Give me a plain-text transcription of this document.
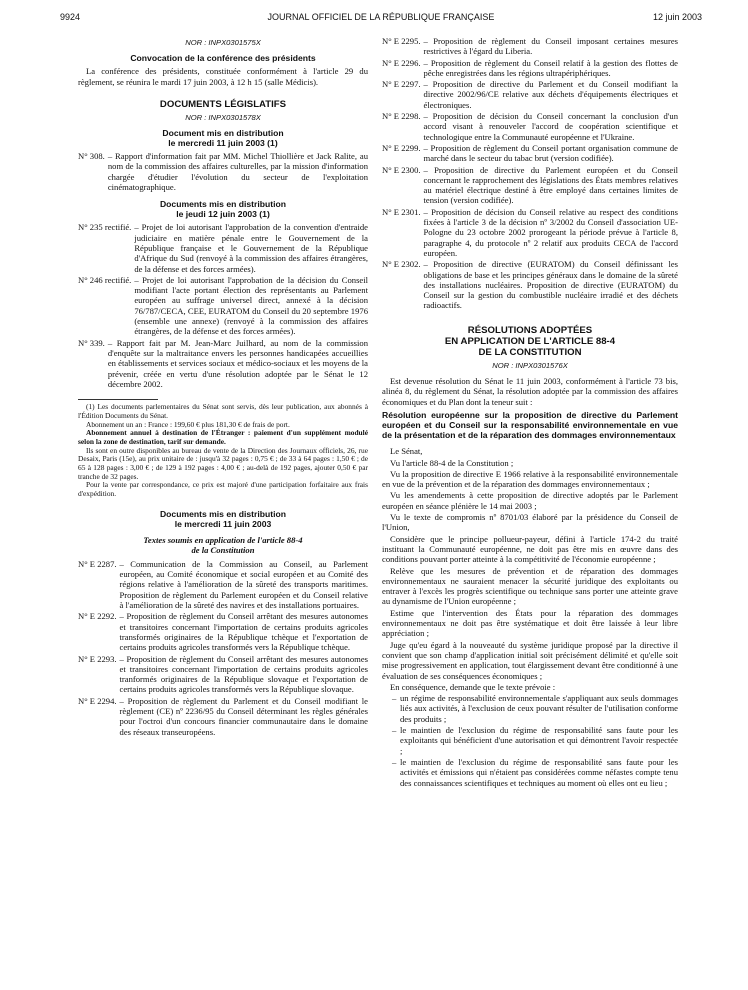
9924	JOURNAL OFFICIEL DE LA RÉPUBLIQUE FRANÇAISE	12 juin 2003
NOR : INPX0301575X
Convocation de la conférence des présidents
La conférence des présidents, constituée conformément à l'article 29 du règlement, se réunira le mardi 17 juin 2003, à 12 h 15 (salle Médicis).
DOCUMENTS LÉGISLATIFS
NOR : INPX0301578X
Document mis en distribution
le mercredi 11 juin 2003 (1)
N° 308. – Rapport d'information fait par MM. Michel Thiollière et Jack Ralite, au nom de la commission des affaires culturelles, par la mission d'information chargée d'étudier l'évolution du secteur de l'exploitation cinématographique.
Documents mis en distribution
le jeudi 12 juin 2003 (1)
N° 235 rectifié. – Projet de loi autorisant l'approbation de la convention d'entraide judiciaire en matière pénale entre le Gouvernement de la République française et le Gouvernement de la République d'Afrique du Sud (renvoyé à la commission des affaires étrangères, de la défense et des forces armées).
N° 246 rectifié. – Projet de loi autorisant l'approbation de la décision du Conseil modifiant l'acte portant élection des représentants au Parlement européen au suffrage universel direct, annexé à la décision 76/787/CECA, CEE, EURATOM du Conseil du 20 septembre 1976 (ensemble une annexe) (renvoyé à la commission des affaires étrangères, de la défense et des forces armées).
N° 339. – Rapport fait par M. Jean-Marc Juilhard, au nom de la commission d'enquête sur la maltraitance envers les personnes handicapées accueillies en établissements et services sociaux et médico-sociaux et les moyens de la prévenir, créée en vertu d'une résolution adoptée par le Sénat le 12 décembre 2002.

(1) Les documents parlementaires du Sénat sont servis, dès leur publication, aux abonnés à l'Édition Documents du Sénat.

Abonnement un an : France : 199,60 € plus 181,30 € de frais de port.

Abonnement annuel à destination de l'Étranger : paiement d'un supplément modulé selon la zone de destination, tarif sur demande.

Ils sont en outre disponibles au bureau de vente de la Direction des Journaux officiels, 26, rue Desaix, Paris (15e), au prix unitaire de : jusqu'à 32 pages : 0,75 € ; de 33 à 64 pages : 1,50 € ; de 65 à 128 pages : 3,00 € ; de 129 à 192 pages : 4,00 € ; au-delà de 192 pages, ajouter 0,50 € par tranche de 32 pages.

Pour la vente par correspondance, ce prix est majoré d'une participation forfaitaire aux frais d'expédition.

Documents mis en distribution
le mercredi 11 juin 2003
Textes soumis en application de l'article 88-4
de la Constitution
N° E 2287. – Communication de la Commission au Conseil, au Parlement européen, au Comité économique et social européen et au Comité des régions relative à l'amélioration de la sûreté des transports maritimes. Proposition de règlement du Parlement européen et du Conseil relative à l'amélioration de la sûreté des navires et des installations portuaires.
N° E 2292. – Proposition de règlement du Conseil arrêtant des mesures autonomes et transitoires concernant l'importation de certains produits agricoles transformés originaires de la République tchèque et l'exportation de certains produits agricoles transformés vers la République tchèque.
N° E 2293. – Proposition de règlement du Conseil arrêtant des mesures autonomes et transitoires concernant l'importation de certains produits agricoles tranformés originaires de la République slovaque et l'exportation de certains produits agricoles transformés vers la République slovaque.
N° E 2294. – Proposition de règlement du Parlement et du Conseil modifiant le règlement (CE) nº 2236/95 du Conseil déterminant les règles générales pour l'octroi d'un concours financier communautaire dans le domaine des réseaux transeuropéens.
N° E 2295. – Proposition de règlement du Conseil imposant certaines mesures restrictives à l'égard du Liberia.
N° E 2296. – Proposition de règlement du Conseil relatif à la gestion des flottes de pêche enregistrées dans les régions ultrapériphériques.
N° E 2297. – Proposition de directive du Parlement et du Conseil modifiant la directive 2002/96/CE relative aux déchets d'équipements électriques et électroniques.
N° E 2298. – Proposition de décision du Conseil concernant la conclusion d'un accord visant à renouveler l'accord de coopération scientifique et technologique entre la Communauté européenne et l'Ukraine.
N° E 2299. – Proposition de règlement du Conseil portant organisation commune de marché dans le secteur du tabac brut (version codifiée).
N° E 2300. – Proposition de directive du Parlement européen et du Conseil concernant le rapprochement des législations des États membres relatives au matériel électrique destiné à être employé dans certaines limites de tension (version codifiée).
N° E 2301. – Proposition de décision du Conseil relative au respect des conditions fixées à l'article 3 de la décision nº 3/2002 du Conseil d'association UE-Pologne du 23 octobre 2002 prorogeant la période prévue à l'article 8, paragraphe 4, du protocole nº 2 relatif aux produits CECA de l'accord européen.
N° E 2302. – Proposition de directive (EURATOM) du Conseil définissant les obligations de base et les principes généraux dans le domaine de la sûreté des installations nucléaires. Proposition de directive (EURATOM) du Conseil sur la gestion du combustible nucléaire irradié et des déchets radioactifs.
RÉSOLUTIONS ADOPTÉES
EN APPLICATION DE L'ARTICLE 88-4
DE LA CONSTITUTION
NOR : INPX0301576X
Est devenue résolution du Sénat le 11 juin 2003, conformément à l'article 73 bis, alinéa 8, du règlement du Sénat, la résolution adoptée par la commission des affaires économiques et du Plan dont la teneur suit :
Résolution européenne sur la proposition de directive du Parlement européen et du Conseil sur la responsabilité environnementale en vue de la présentation et de la réparation des dommages environnementaux
Le Sénat,
Vu l'article 88-4 de la Constitution ;
Vu la proposition de directive E 1966 relative à la responsabilité environnementale en vue de la prévention et de la réparation des dommages environnementaux ;
Vu les amendements à cette proposition de directive adoptés par le Parlement européen en séance plénière le 14 mai 2003 ;
Vu le texte de compromis nº 8701/03 élaboré par la présidence du Conseil de l'Union,
Considère que le principe pollueur-payeur, défini à l'article 174-2 du traité instituant la Communauté européenne, ne doit pas être mis en œuvre dans des conditions pouvant porter atteinte à la compétitivité de l'économie européenne ;
Relève que les mesures de prévention et de réparation des dommages environnementaux ne sauraient menacer la sécurité juridique des exploitants ou entraver à l'excès les progrès scientifique ou technique sans porter une atteinte grave au dynamisme de l'Union européenne ;
Estime que l'intervention des États pour la réparation des dommages environnementaux ne doit pas être systématique et doit être laissée à leur libre appréciation ;
Juge qu'eu égard à la nouveauté du système juridique proposé par la directive il convient que son champ d'application initial soit précisément délimité et qu'elle soit mise progressivement en application, tout élargissement devant être conditionné à une évaluation de ses conséquences économiques ;
En conséquence, demande que le texte prévoie :
– un régime de responsabilité environnementale s'appliquant aux seuls dommages liés aux activités, à l'exclusion de ceux pouvant résulter de l'utilisation conforme des produits ;
– le maintien de l'exclusion du régime de responsabilité sans faute pour les exploitants qui bénéficient d'une autorisation et qui démontrent l'avoir respectée ;
– le maintien de l'exclusion du régime de responsabilité sans faute pour les activités et émissions qui n'étaient pas considérées comme néfastes compte tenu des connaissances scientifiques et techniques au moment où elles ont eu lieu ;
